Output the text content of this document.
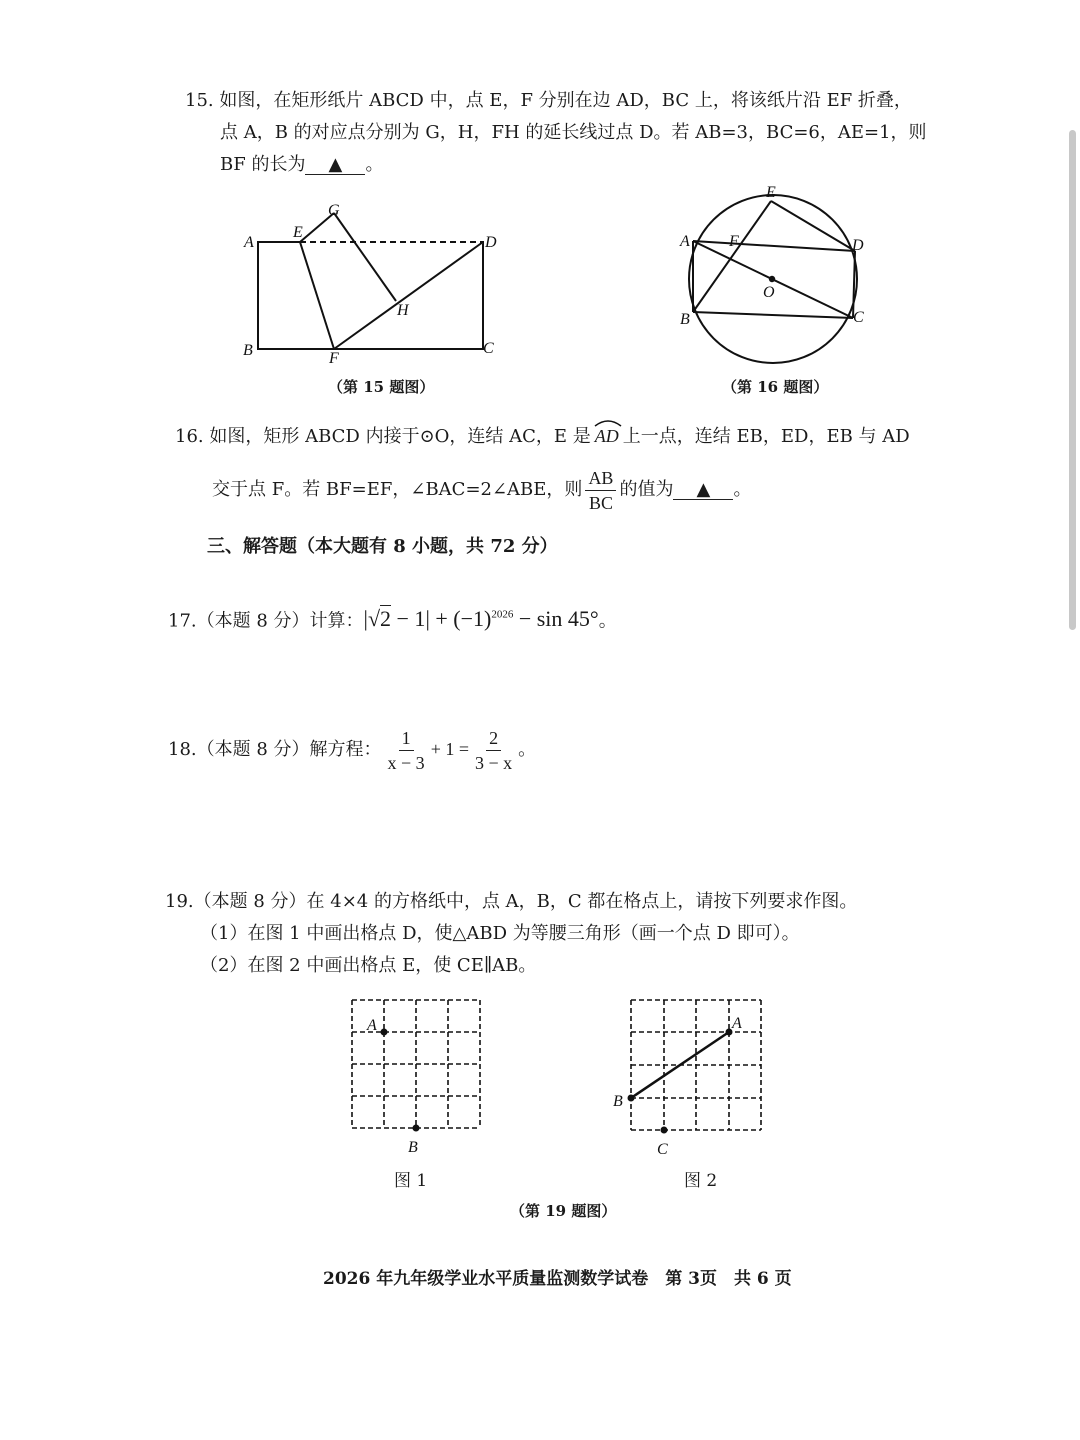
15. 如图，在矩形纸片 ABCD 中，点 E，F 分别在边 AD，BC 上，将该纸片沿 EF 折叠，
点 A，B 的对应点分别为 G，H，FH 的延长线过点 D。若 AB=3，BC=6，AE=1，则
BF 的长为 ▲ 。
A
B	C
D
E
F
G
H
（第 15 题图）
A
B	C
D
E
F
O
（第 16 题图）
16. 如图，矩形 ABCD 内接于⊙O，连结 AC，E 是 AD 上一点，连结 EB，ED，EB 与 AD
交于点 F。若 BF=EF，∠BAC=2∠ABE，则 $\frac{AB}{BC}$ 的值为 ▲ 。
三、解答题（本大题有 8 小题，共 72 分）
17.（本题 8 分）计算：$|√2 - 1| + (-1)^{2026} - \sin 45^\circ$。
18.（本题 8 分）解方程： $\frac{1}{x - 3} + 1 = \frac{2}{3 - x}$ 。
19.（本题 8 分）在 4×4 的方格纸中，点 A，B，C 都在格点上，请按下列要求作图。
（1）在图 1 中画出格点 D，使△ABD 为等腰三角形（画一个点 D 即可）。
（2）在图 2 中画出格点 E，使 CE∥AB。
A
B
A
B
C
图 1	图 2
（第 19 题图）
2026 年九年级学业水平质量监测数学试卷　第 3页　共 6 页
